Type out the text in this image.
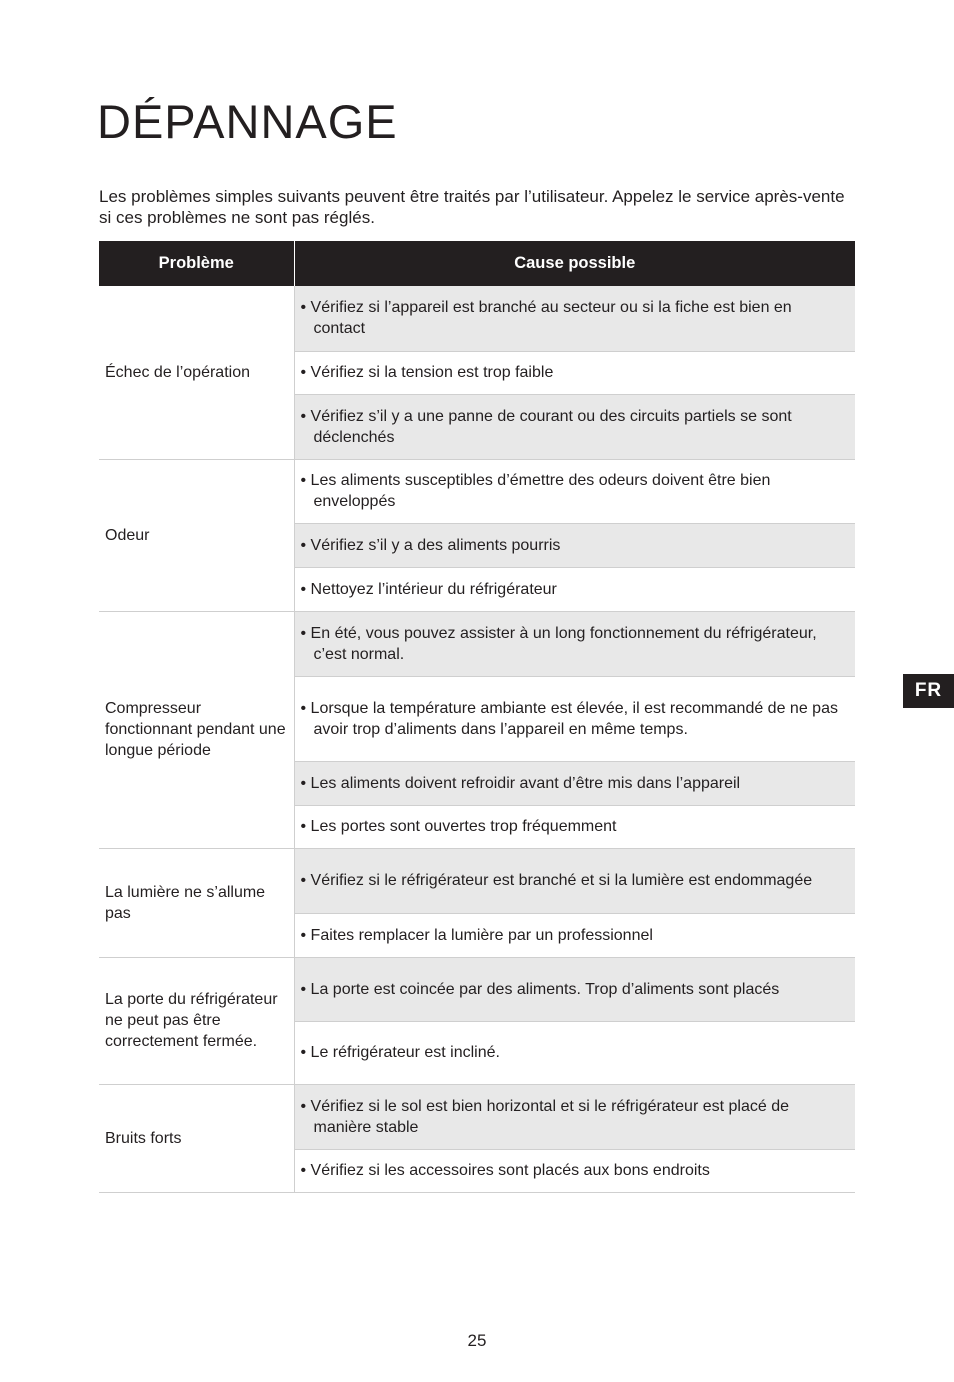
DÉPANNAGE

Les problèmes simples suivants peuvent être traités par l’utilisateur. Appelez le service après-vente si ces problèmes ne sont pas réglés.

Problème	Cause possible
Échec de l’opération	• Vérifiez si l’appareil est branché au secteur ou si la fiche est bien en contact
	• Vérifiez si la tension est trop faible
	• Vérifiez s’il y a une panne de courant ou des circuits partiels se sont déclenchés
Odeur	• Les aliments susceptibles d’émettre des odeurs doivent être bien enveloppés
	• Vérifiez s’il y a des aliments pourris
	• Nettoyez l’intérieur du réfrigérateur
Compresseur fonctionnant pendant une longue période	• En été, vous pouvez assister à un long fonctionnement du réfrigérateur, c’est normal.
	• Lorsque la température ambiante est élevée, il est recommandé de ne pas avoir trop d’aliments dans l’appareil en même temps.
	• Les aliments doivent refroidir avant d’être mis dans l’appareil
	• Les portes sont ouvertes trop fréquemment
La lumière ne s’allume pas	• Vérifiez si le réfrigérateur est branché et si la lumière est endommagée
	• Faites remplacer la lumière par un professionnel
La porte du réfrigérateur ne peut pas être correctement fermée.	• La porte est coincée par des aliments. Trop d’aliments sont placés
	• Le réfrigérateur est incliné.
Bruits forts	• Vérifiez si le sol est bien horizontal et si le réfrigérateur est placé de manière stable
	• Vérifiez si les accessoires sont placés aux bons endroits
FR
25
